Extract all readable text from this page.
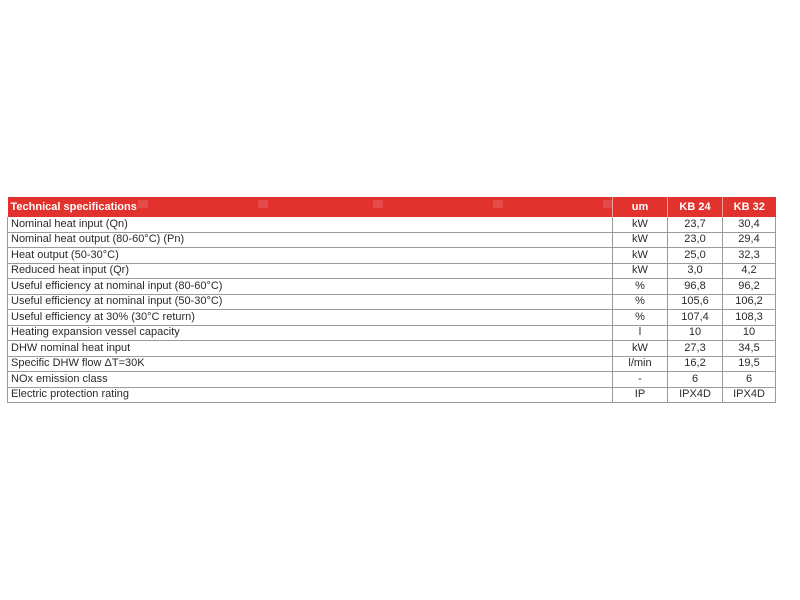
Technical specifications	um	KB 24	KB 32
Nominal heat input (Qn)	kW	23,7	30,4
Nominal heat output (80-60°C) (Pn)	kW	23,0	29,4
Heat output (50-30°C)	kW	25,0	32,3
Reduced heat input (Qr)	kW	3,0	4,2
Useful efficiency at nominal input (80-60°C)	%	96,8	96,2
Useful efficiency at nominal input (50-30°C)	%	105,6	106,2
Useful efficiency at 30% (30°C return)	%	107,4	108,3
Heating expansion vessel capacity	l	10	10
DHW nominal heat input	kW	27,3	34,5
Specific DHW flow ΔT=30K	l/min	16,2	19,5
NOx emission class	-	6	6
Electric protection rating	IP	IPX4D	IPX4D
